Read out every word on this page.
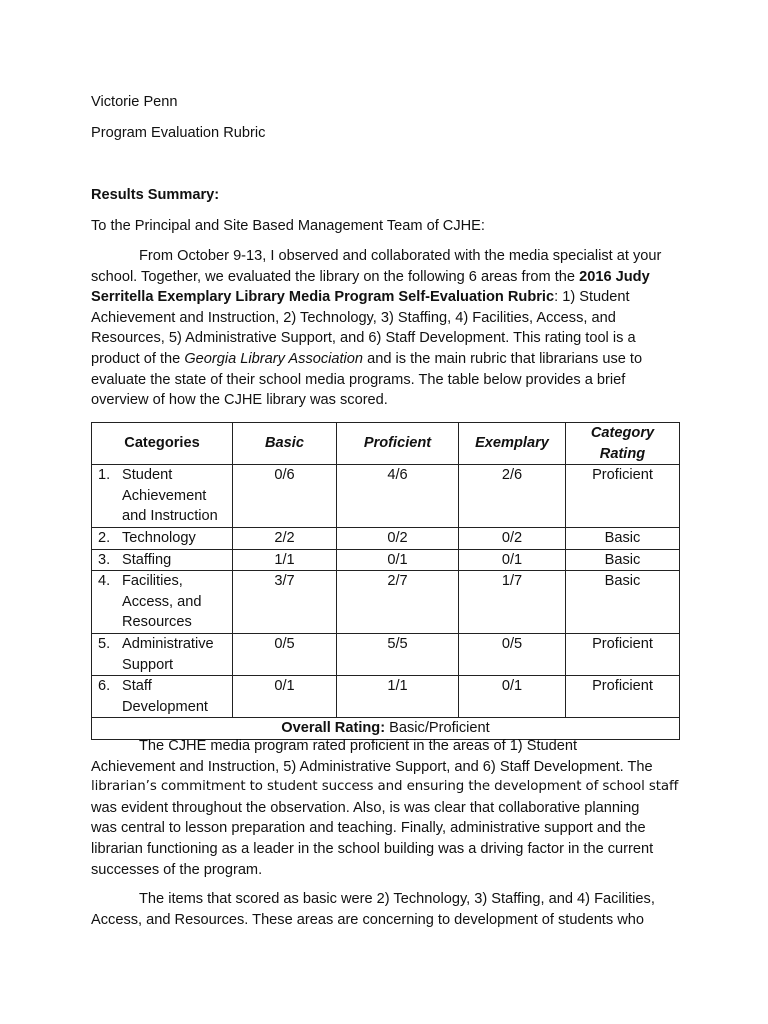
Victorie Penn
Program Evaluation Rubric
Results Summary:
To the Principal and Site Based Management Team of CJHE:
From October 9-13, I observed and collaborated with the media specialist at your
school. Together, we evaluated the library on the following 6 areas from the 2016 Judy
Serritella Exemplary Library Media Program Self-Evaluation Rubric: 1) Student
Achievement and Instruction, 2) Technology, 3) Staffing, 4) Facilities, Access, and
Resources, 5) Administrative Support, and 6) Staff Development. This rating tool is a
product of the Georgia Library Association and is the main rubric that librarians use to
evaluate the state of their school media programs. The table below provides a brief
overview of how the CJHE library was scored.
Categories	Basic	Proficient	Exemplary	Category
Rating

1. Student
Achievement
and Instruction	0/6	4/6	2/6	Proficient

2. Technology	2/2	0/2	0/2	Basic

3. Staffing	1/1	0/1	0/1	Basic

4. Facilities,
Access, and
Resources	3/7	2/7	1/7	Basic

5. Administrative
Support	0/5	5/5	0/5	Proficient

6. Staff
Development	0/1	1/1	0/1	Proficient
Overall Rating: Basic/Proficient				
The CJHE media program rated proficient in the areas of 1) Student
Achievement and Instruction, 5) Administrative Support, and 6) Staff Development. The
librarian’s commitment to student success and ensuring the development of school staff
was evident throughout the observation. Also, is was clear that collaborative planning
was central to lesson preparation and teaching. Finally, administrative support and the
librarian functioning as a leader in the school building was a driving factor in the current
successes of the program.
The items that scored as basic were 2) Technology, 3) Staffing, and 4) Facilities,
Access, and Resources. These areas are concerning to development of students who
